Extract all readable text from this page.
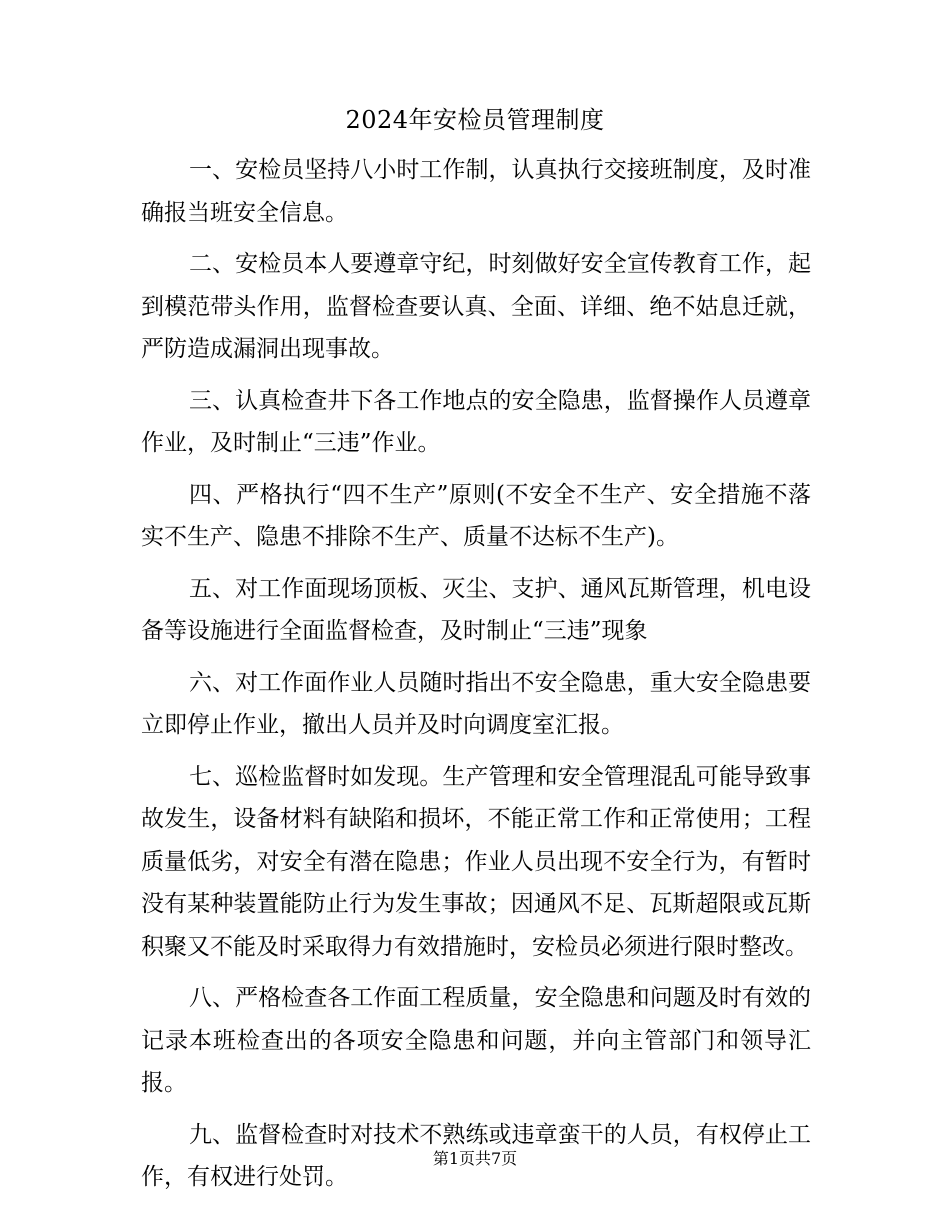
2024年安检员管理制度

一、安检员坚持八小时工作制，认真执行交接班制度，及时准确报当班安全信息。

二、安检员本人要遵章守纪，时刻做好安全宣传教育工作，起到模范带头作用，监督检查要认真、全面、详细、绝不姑息迁就，严防造成漏洞出现事故。

三、认真检查井下各工作地点的安全隐患，监督操作人员遵章作业，及时制止“三违”作业。

四、严格执行“四不生产”原则(不安全不生产、安全措施不落实不生产、隐患不排除不生产、质量不达标不生产)。

五、对工作面现场顶板、灭尘、支护、通风瓦斯管理，机电设备等设施进行全面监督检查，及时制止“三违”现象

六、对工作面作业人员随时指出不安全隐患，重大安全隐患要立即停止作业，撤出人员并及时向调度室汇报。

七、巡检监督时如发现。生产管理和安全管理混乱可能导致事故发生，设备材料有缺陷和损坏，不能正常工作和正常使用；工程质量低劣，对安全有潜在隐患；作业人员出现不安全行为，有暂时没有某种装置能防止行为发生事故；因通风不足、瓦斯超限或瓦斯积聚又不能及时采取得力有效措施时，安检员必须进行限时整改。

八、严格检查各工作面工程质量，安全隐患和问题及时有效的记录本班检查出的各项安全隐患和问题，并向主管部门和领导汇报。

九、监督检查时对技术不熟练或违章蛮干的人员，有权停止工作，有权进行处罚。

第1页共7页
